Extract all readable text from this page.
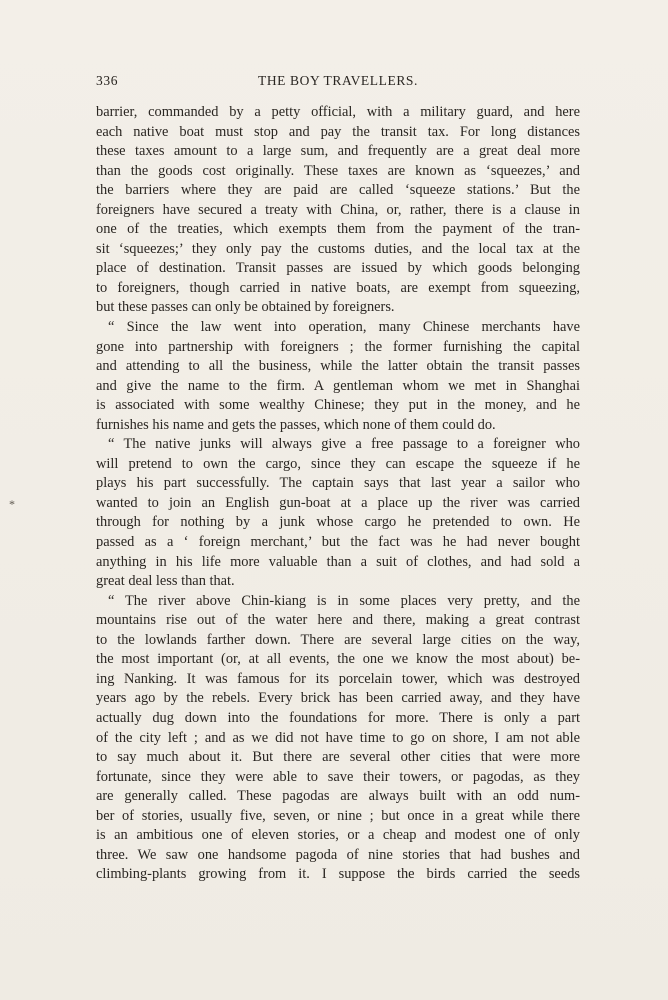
336	THE BOY TRAVELLERS.
*
barrier, commanded by a petty official, with a military guard, and here
each native boat must stop and pay the transit tax. For long distances
these taxes amount to a large sum, and frequently are a great deal more
than the goods cost originally. These taxes are known as ‘squeezes,’ and
the barriers where they are paid are called ‘squeeze stations.’ But the
foreigners have secured a treaty with China, or, rather, there is a clause in
one of the treaties, which exempts them from the payment of the tran-
sit ‘squeezes;’ they only pay the customs duties, and the local tax at the
place of destination. Transit passes are issued by which goods belonging
to foreigners, though carried in native boats, are exempt from squeezing,
but these passes can only be obtained by foreigners.
“ Since the law went into operation, many Chinese merchants have
gone into partnership with foreigners ; the former furnishing the capital
and attending to all the business, while the latter obtain the transit passes
and give the name to the firm. A gentleman whom we met in Shanghai
is associated with some wealthy Chinese; they put in the money, and he
furnishes his name and gets the passes, which none of them could do.
“ The native junks will always give a free passage to a foreigner who
will pretend to own the cargo, since they can escape the squeeze if he
plays his part successfully. The captain says that last year a sailor who
wanted to join an English gun-boat at a place up the river was carried
through for nothing by a junk whose cargo he pretended to own. He
passed as a ‘ foreign merchant,’ but the fact was he had never bought
anything in his life more valuable than a suit of clothes, and had sold a
great deal less than that.
“ The river above Chin-kiang is in some places very pretty, and the
mountains rise out of the water here and there, making a great contrast
to the lowlands farther down. There are several large cities on the way,
the most important (or, at all events, the one we know the most about) be-
ing Nanking. It was famous for its porcelain tower, which was destroyed
years ago by the rebels. Every brick has been carried away, and they have
actually dug down into the foundations for more. There is only a part
of the city left ; and as we did not have time to go on shore, I am not able
to say much about it. But there are several other cities that were more
fortunate, since they were able to save their towers, or pagodas, as they
are generally called. These pagodas are always built with an odd num-
ber of stories, usually five, seven, or nine ; but once in a great while there
is an ambitious one of eleven stories, or a cheap and modest one of only
three. We saw one handsome pagoda of nine stories that had bushes and
climbing-plants growing from it. I suppose the birds carried the seeds
